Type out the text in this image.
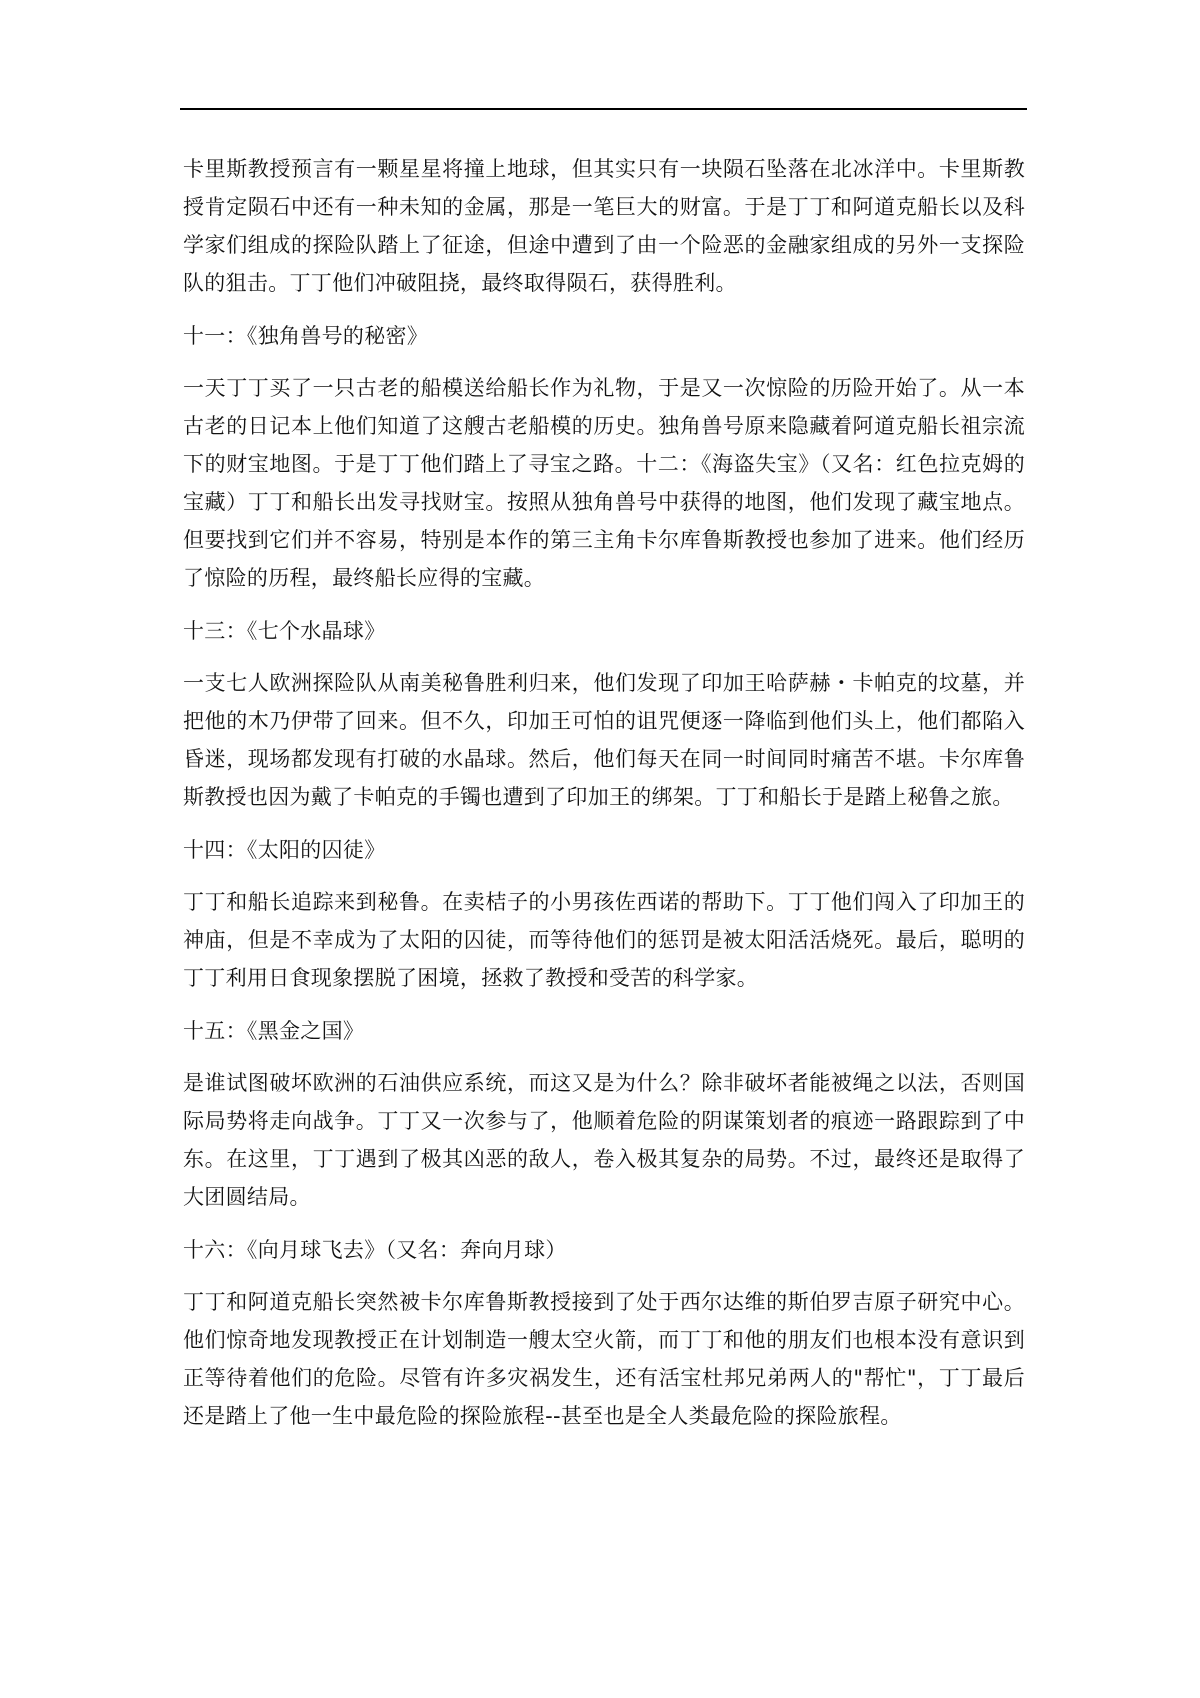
卡里斯教授预言有一颗星星将撞上地球，但其实只有一块陨石坠落在北冰洋中。卡里斯教授肯定陨石中还有一种未知的金属，那是一笔巨大的财富。于是丁丁和阿道克船长以及科学家们组成的探险队踏上了征途，但途中遭到了由一个险恶的金融家组成的另外一支探险队的狙击。丁丁他们冲破阻挠，最终取得陨石，获得胜利。

十一：《独角兽号的秘密》

一天丁丁买了一只古老的船模送给船长作为礼物，于是又一次惊险的历险开始了。从一本古老的日记本上他们知道了这艘古老船模的历史。独角兽号原来隐藏着阿道克船长祖宗流下的财宝地图。于是丁丁他们踏上了寻宝之路。十二：《海盗失宝》（又名：红色拉克姆的宝藏）丁丁和船长出发寻找财宝。按照从独角兽号中获得的地图，他们发现了藏宝地点。但要找到它们并不容易，特别是本作的第三主角卡尔库鲁斯教授也参加了进来。他们经历了惊险的历程，最终船长应得的宝藏。

十三：《七个水晶球》

一支七人欧洲探险队从南美秘鲁胜利归来，他们发现了印加王哈萨赫・卡帕克的坟墓，并把他的木乃伊带了回来。但不久，印加王可怕的诅咒便逐一降临到他们头上，他们都陷入昏迷，现场都发现有打破的水晶球。然后，他们每天在同一时间同时痛苦不堪。卡尔库鲁斯教授也因为戴了卡帕克的手镯也遭到了印加王的绑架。丁丁和船长于是踏上秘鲁之旅。

十四：《太阳的囚徒》

丁丁和船长追踪来到秘鲁。在卖桔子的小男孩佐西诺的帮助下。丁丁他们闯入了印加王的神庙，但是不幸成为了太阳的囚徒，而等待他们的惩罚是被太阳活活烧死。最后，聪明的丁丁利用日食现象摆脱了困境，拯救了教授和受苦的科学家。

十五：《黑金之国》

是谁试图破坏欧洲的石油供应系统，而这又是为什么？除非破坏者能被绳之以法，否则国际局势将走向战争。丁丁又一次参与了，他顺着危险的阴谋策划者的痕迹一路跟踪到了中东。在这里，丁丁遇到了极其凶恶的敌人，卷入极其复杂的局势。不过，最终还是取得了大团圆结局。

十六：《向月球飞去》（又名：奔向月球）

丁丁和阿道克船长突然被卡尔库鲁斯教授接到了处于西尔达维的斯伯罗吉原子研究中心。他们惊奇地发现教授正在计划制造一艘太空火箭，而丁丁和他的朋友们也根本没有意识到正等待着他们的危险。尽管有许多灾祸发生，还有活宝杜邦兄弟两人的"帮忙"，丁丁最后还是踏上了他一生中最危险的探险旅程--甚至也是全人类最危险的探险旅程。
